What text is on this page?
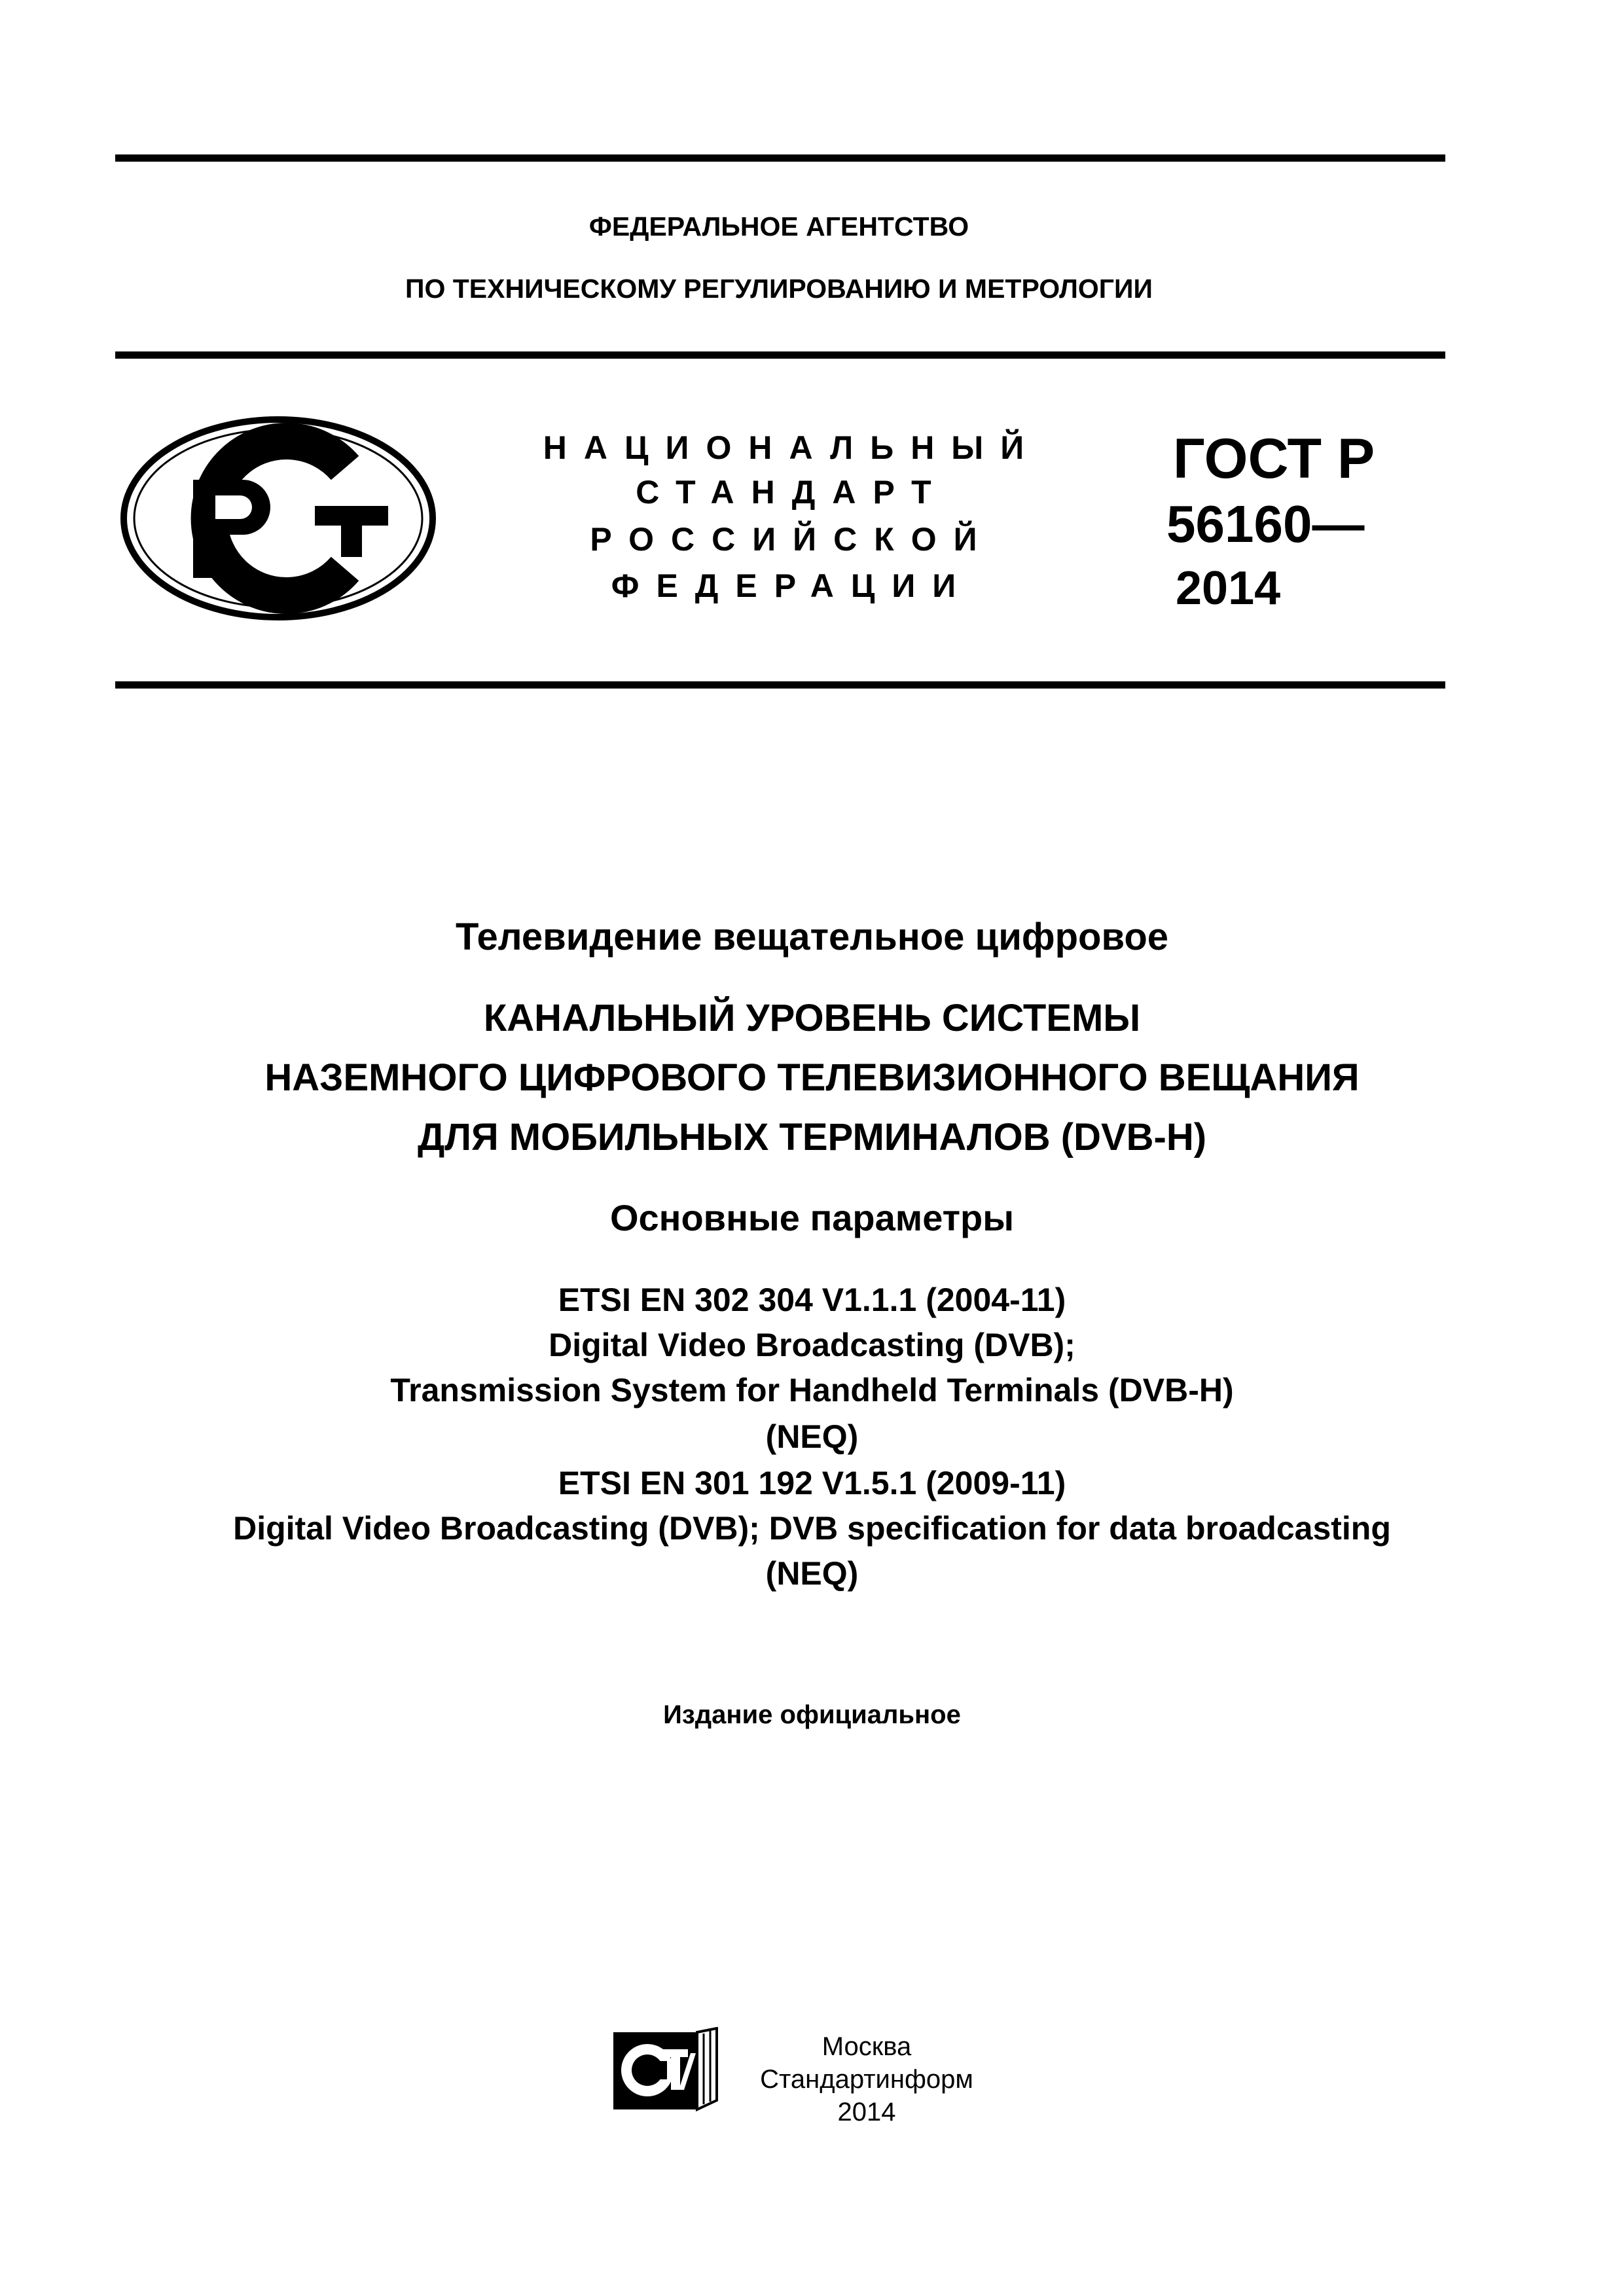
ФЕДЕРАЛЬНОЕ АГЕНТСТВО
ПО ТЕХНИЧЕСКОМУ РЕГУЛИРОВАНИЮ И МЕТРОЛОГИИ
НАЦИОНАЛЬНЫЙ
СТАНДАРТ
РОССИЙСКОЙ
ФЕДЕРАЦИИ
ГОСТ Р
56160—
2014
Телевидение вещательное цифровое
КАНАЛЬНЫЙ УРОВЕНЬ СИСТЕМЫ
НАЗЕМНОГО ЦИФРОВОГО ТЕЛЕВИЗИОННОГО ВЕЩАНИЯ
ДЛЯ МОБИЛЬНЫХ ТЕРМИНАЛОВ (DVB-H)
Основные параметры
ETSI EN 302 304 V1.1.1 (2004-11)
Digital Video Broadcasting (DVB);
Transmission System for Handheld Terminals (DVB-H)
(NEQ)
ETSI EN 301 192 V1.5.1 (2009-11)
Digital Video Broadcasting (DVB); DVB specification for data broadcasting
(NEQ)
Издание официальное
Москва
Стандартинформ
2014
